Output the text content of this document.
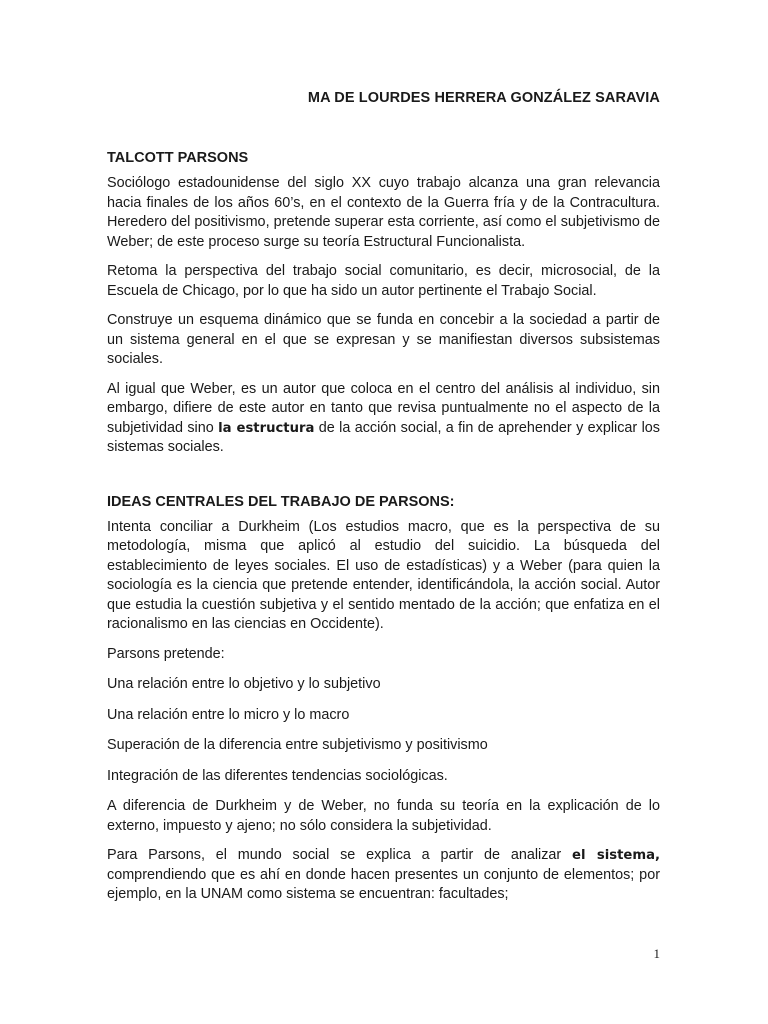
MA DE LOURDES HERRERA GONZÁLEZ SARAVIA
TALCOTT PARSONS

Sociólogo estadounidense del siglo XX cuyo trabajo alcanza una gran relevancia hacia finales de los años 60’s, en el contexto de la Guerra fría y de la Contracultura. Heredero del positivismo, pretende superar esta corriente, así como el subjetivismo de Weber; de este proceso surge su teoría Estructural Funcionalista.

Retoma la perspectiva del trabajo social comunitario, es decir, microsocial, de la Escuela de Chicago, por lo que ha sido un autor pertinente el Trabajo Social.

Construye un esquema dinámico que se funda en concebir a la sociedad a partir de un sistema general en el que se expresan y se manifiestan diversos subsistemas sociales.

Al igual que Weber, es un autor que coloca en el centro del análisis al individuo, sin embargo, difiere de este autor en tanto que revisa puntualmente no el aspecto de la subjetividad sino la estructura de la acción social, a fin de aprehender y explicar los sistemas sociales.

IDEAS CENTRALES DEL TRABAJO DE PARSONS:

Intenta conciliar a Durkheim (Los estudios macro, que es la perspectiva de su metodología, misma que aplicó al estudio del suicidio. La búsqueda del establecimiento de leyes sociales. El uso de estadísticas) y a Weber (para quien la sociología es la ciencia que pretende entender, identificándola, la acción social. Autor que estudia la cuestión subjetiva y el sentido mentado de la acción; que enfatiza en el racionalismo en las ciencias en Occidente).

Parsons pretende:

Una relación entre lo objetivo y lo subjetivo

Una relación entre lo micro y lo macro

Superación de la diferencia entre subjetivismo y positivismo

Integración de las diferentes tendencias sociológicas.

A diferencia de Durkheim y de Weber, no funda su teoría en la explicación de lo externo, impuesto y ajeno; no sólo considera la subjetividad.

Para Parsons, el mundo social se explica a partir de analizar el sistema, comprendiendo que es ahí en donde hacen presentes un conjunto de elementos; por ejemplo, en la UNAM como sistema se encuentran: facultades;

1
